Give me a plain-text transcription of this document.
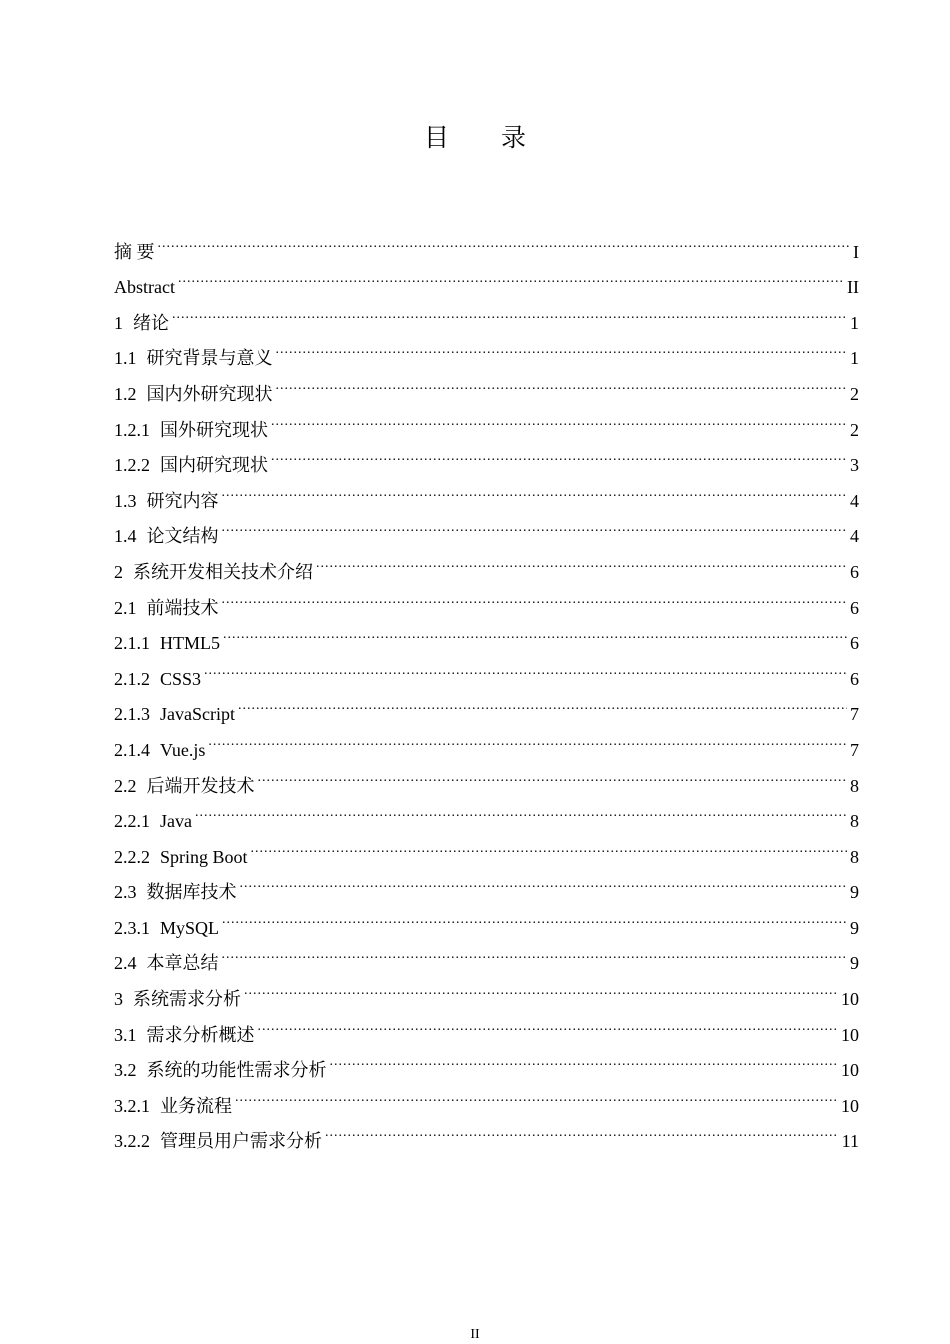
目 录
摘 要 .....	I
Abstract .....	II
1 绪论 .....	1
1.1 研究背景与意义 .....	1
1.2 国内外研究现状 .....	2
1.2.1 国外研究现状 .....	2
1.2.2 国内研究现状 .....	3
1.3 研究内容 .....	4
1.4 论文结构 .....	4
2 系统开发相关技术介绍 .....	6
2.1 前端技术 .....	6
2.1.1 HTML5 .....	6
2.1.2 CSS3 .....	6
2.1.3 JavaScript .....	7
2.1.4 Vue.js .....	7
2.2 后端开发技术 .....	8
2.2.1 Java .....	8
2.2.2 Spring Boot .....	8
2.3 数据库技术 .....	9
2.3.1 MySQL .....	9
2.4 本章总结 .....	9
3 系统需求分析 .....	10
3.1 需求分析概述 .....	10
3.2 系统的功能性需求分析 .....	10
3.2.1 业务流程 .....	10
3.2.2 管理员用户需求分析 .....	11
II
